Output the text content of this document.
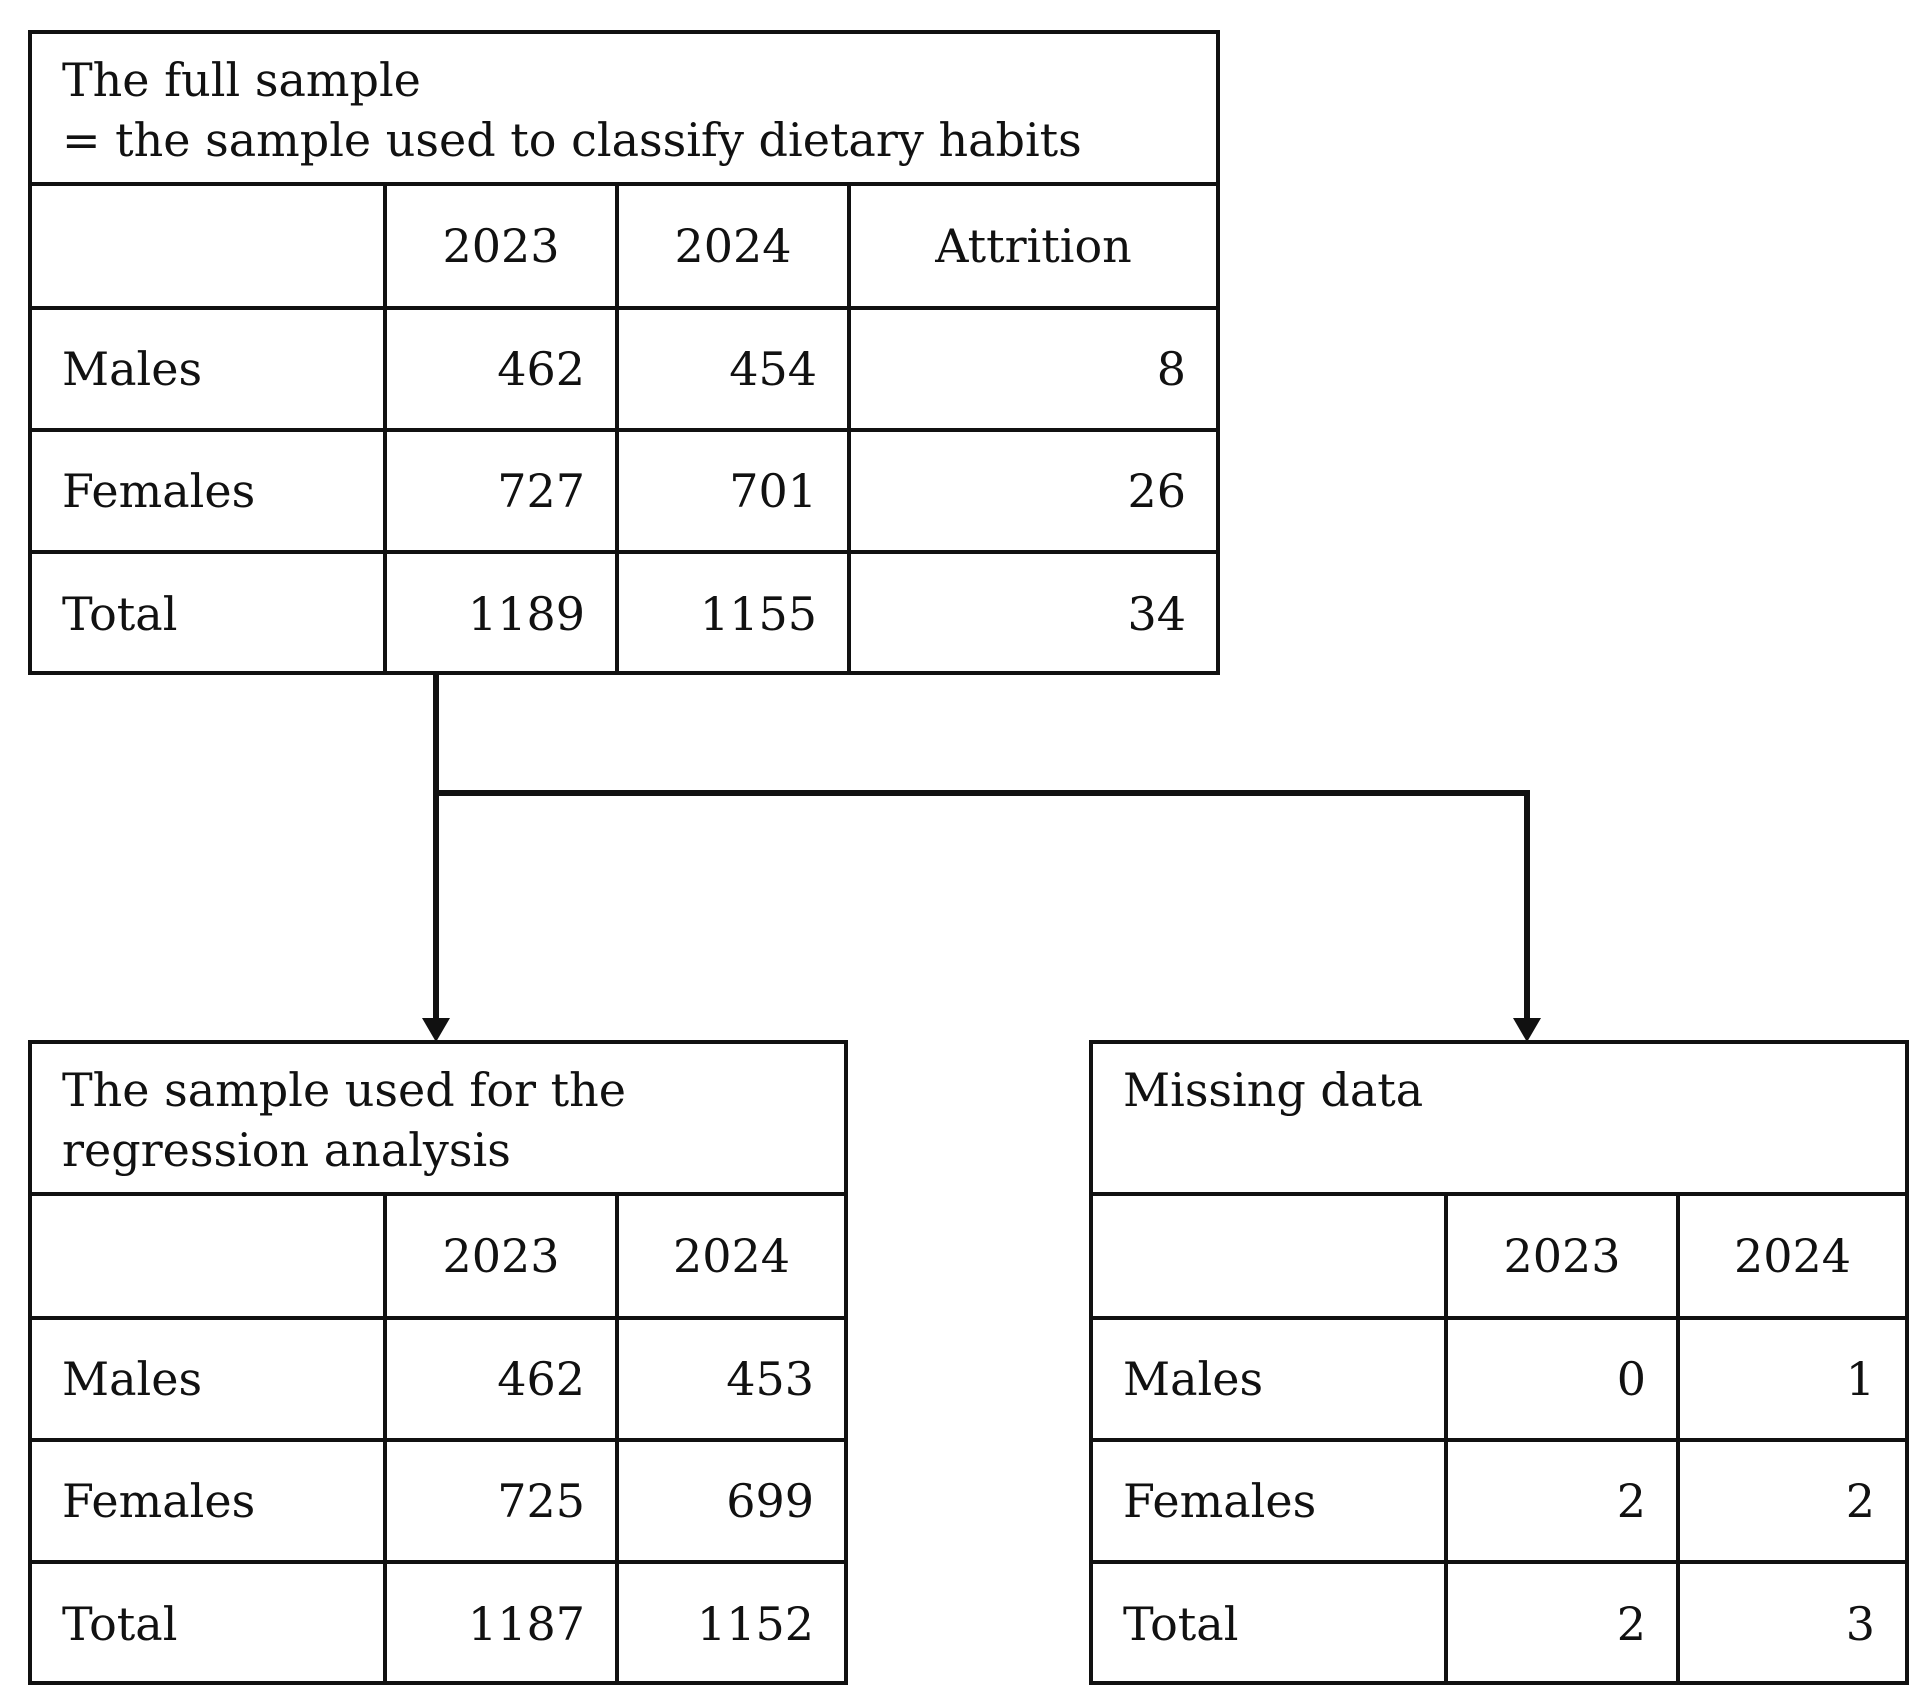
The full sample
= the sample used to classify dietary habits
	2023	2024	Attrition
Males	462	454	8
Females	727	701	26
Total	1189	1155	34
The sample used for the
regression analysis
	2023	2024
Males	462	453
Females	725	699
Total	1187	1152
Missing data
	2023	2024
Males	0	1
Females	2	2
Total	2	3
